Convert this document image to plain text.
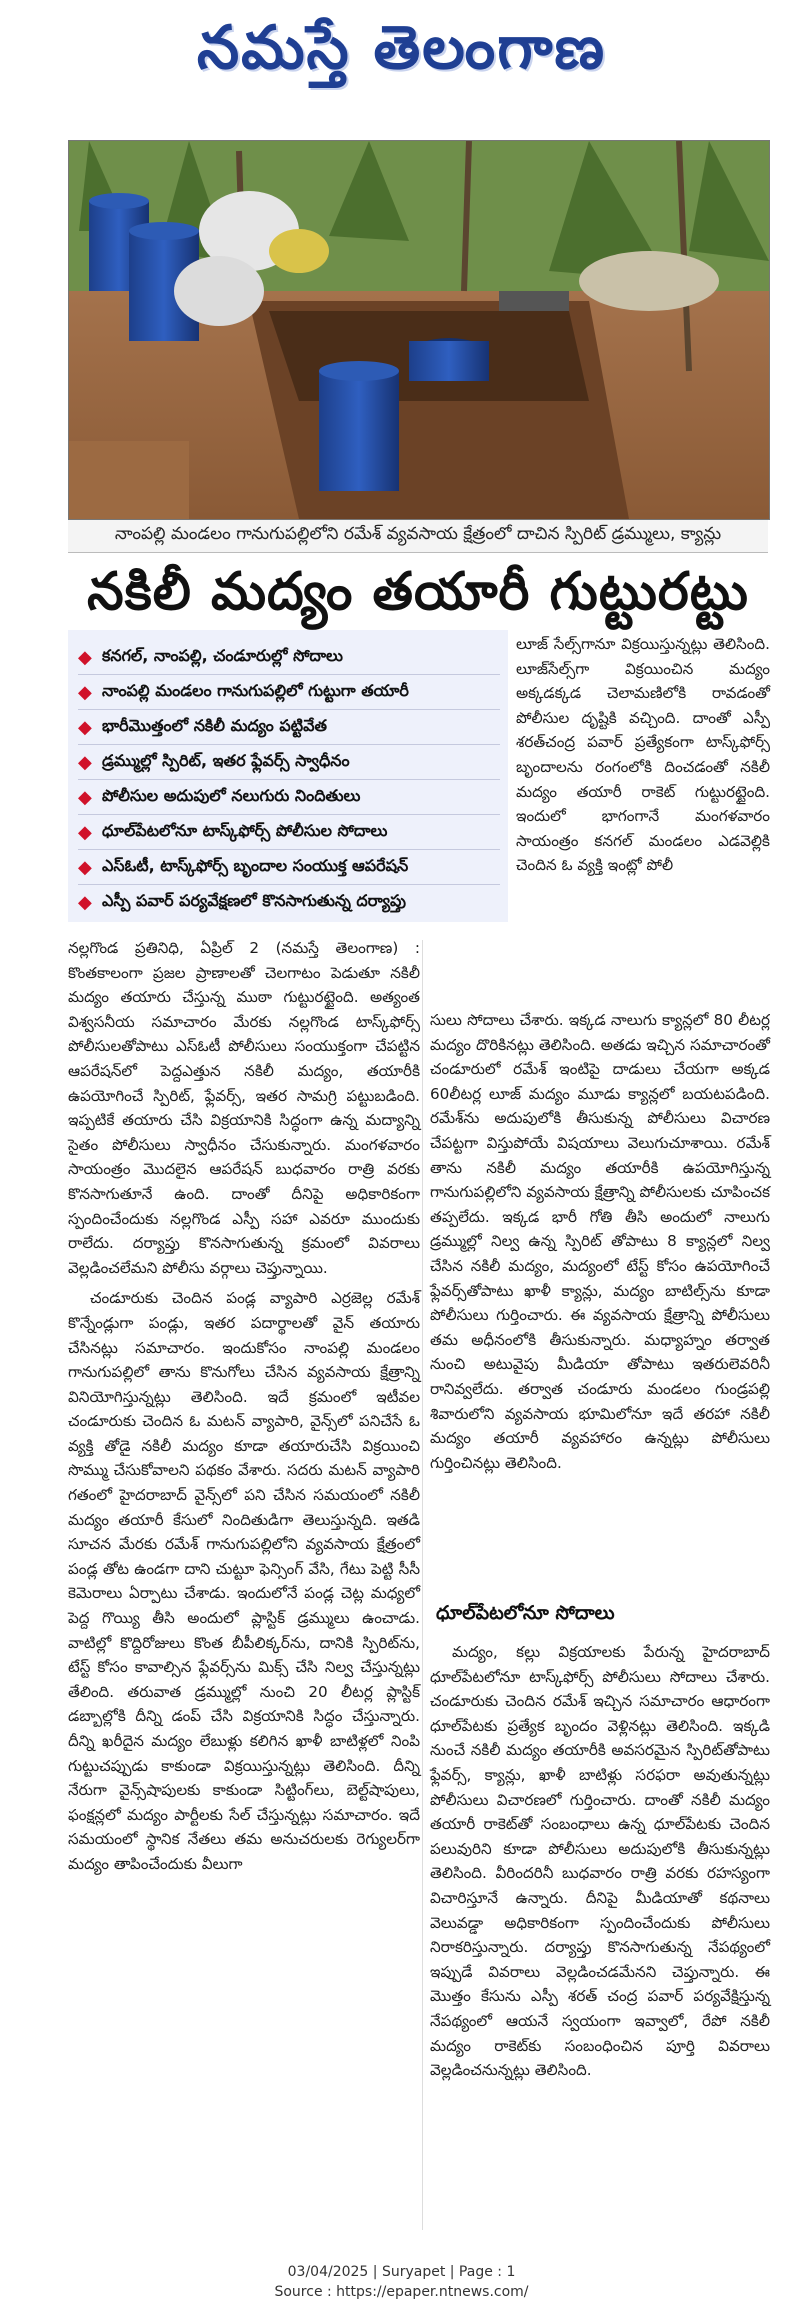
నమస్తే తెలంగాణ
నాంపల్లి మండలం గానుగుపల్లిలోని రమేశ్ వ్యవసాయ క్షేత్రంలో దాచిన స్పిరిట్ డ్రమ్ములు, క్యాన్లు
నకిలీ మద్యం తయారీ గుట్టురట్టు
◆ కనగల్, నాంపల్లి, చండూరుల్లో సోదాలు
◆ నాంపల్లి మండలం గానుగుపల్లిలో గుట్టుగా తయారీ
◆ భారీమొత్తంలో నకిలీ మద్యం పట్టివేత
◆ డ్రమ్ముల్లో స్పిరిట్, ఇతర ఫ్లేవర్స్ స్వాధీనం
◆ పోలీసుల అదుపులో నలుగురు నిందితులు
◆ ధూల్‌పేటలోనూ టాస్క్‌ఫోర్స్ పోలీసుల సోదాలు
◆ ఎస్‌ఓటీ, టాస్క్‌ఫోర్స్ బృందాల సంయుక్త ఆపరేషన్
◆ ఎస్పీ పవార్ పర్యవేక్షణలో కొనసాగుతున్న దర్యాప్తు

లూజ్ సేల్స్‌గానూ విక్రయిస్తున్నట్లు తెలిసింది. లూజ్‌సేల్స్‌గా విక్రయించిన మద్యం అక్కడక్కడ చెలామణిలోకి రావడంతో పోలీసుల దృష్టికి వచ్చింది. దాంతో ఎస్పీ శరత్‌చంద్ర పవార్ ప్రత్యేకంగా టాస్క్‌ఫోర్స్ బృందాలను రంగంలోకి దించడంతో నకిలీ మద్యం తయారీ రాకెట్ గుట్టురట్టైంది. ఇందులో భాగంగానే మంగళవారం సాయంత్రం కనగల్ మండలం ఎడవెల్లికి చెందిన ఓ వ్యక్తి ఇంట్లో పోలీ

నల్లగొండ ప్రతినిధి, ఏప్రిల్ 2 (నమస్తే తెలంగాణ) : కొంతకాలంగా ప్రజల ప్రాణాలతో చెలగాటం పెడుతూ నకిలీ మద్యం తయారు చేస్తున్న ముఠా గుట్టురట్టైంది. అత్యంత విశ్వసనీయ సమాచారం మేరకు నల్లగొండ టాస్క్‌ఫోర్స్ పోలీసులతోపాటు ఎస్‌ఓటీ పోలీసులు సంయుక్తంగా చేపట్టిన ఆపరేషన్‌లో పెద్దఎత్తున నకిలీ మద్యం, తయారీకి ఉపయోగించే స్పిరిట్, ఫ్లేవర్స్, ఇతర సామగ్రి పట్టుబడింది. ఇప్పటికే తయారు చేసి విక్రయానికి సిద్ధంగా ఉన్న మద్యాన్ని సైతం పోలీసులు స్వాధీనం చేసుకున్నారు. మంగళవారం సాయంత్రం మొదలైన ఆపరేషన్ బుధవారం రాత్రి వరకు కొనసాగుతూనే ఉంది. దాంతో దీనిపై అధికారికంగా స్పందించేందుకు నల్లగొండ ఎస్పీ సహా ఎవరూ ముందుకు రాలేదు. దర్యాప్తు కొనసాగుతున్న క్రమంలో వివరాలు వెల్లడించలేమని పోలీసు వర్గాలు చెప్తున్నాయి.

చండూరుకు చెందిన పండ్ల వ్యాపారి ఎర్రజెల్ల రమేశ్ కొన్నేండ్లుగా పండ్లు, ఇతర పదార్థాలతో వైన్ తయారు చేసినట్లు సమాచారం. ఇందుకోసం నాంపల్లి మండలం గానుగుపల్లిలో తాను కొనుగోలు చేసిన వ్యవసాయ క్షేత్రాన్ని వినియోగిస్తున్నట్లు తెలిసింది. ఇదే క్రమంలో ఇటీవల చండూరుకు చెందిన ఓ మటన్ వ్యాపారి, వైన్స్‌లో పనిచేసే ఓ వ్యక్తి తోడై నకిలీ మద్యం కూడా తయారుచేసి విక్రయించి సొమ్ము చేసుకోవాలని పథకం వేశారు. సదరు మటన్ వ్యాపారి గతంలో హైదరాబాద్ వైన్స్‌లో పని చేసిన సమయంలో నకిలీ మద్యం తయారీ కేసులో నిందితుడిగా తెలుస్తున్నది. ఇతడి సూచన మేరకు రమేశ్ గానుగుపల్లిలోని వ్యవసాయ క్షేత్రంలో పండ్ల తోట ఉండగా దాని చుట్టూ ఫెన్సింగ్ వేసి, గేటు పెట్టి సీసీ కెమెరాలు ఏర్పాటు చేశాడు. ఇందులోనే పండ్ల చెట్ల మధ్యలో పెద్ద గొయ్యి తీసి అందులో ప్లాస్టిక్ డ్రమ్ములు ఉంచాడు. వాటిల్లో కొద్దిరోజులు కొంత బీపీలిక్కర్‌ను, దానికి స్పిరిట్‌ను, టేస్ట్ కోసం కావాల్సిన ఫ్లేవర్స్‌ను మిక్స్ చేసి నిల్వ చేస్తున్నట్లు తేలింది. తరువాత డ్రమ్ముల్లో నుంచి 20 లీటర్ల ప్లాస్టిక్ డబ్బాల్లోకి దీన్ని డంప్ చేసి విక్రయానికి సిద్ధం చేస్తున్నారు. దీన్ని ఖరీదైన మద్యం లేబుళ్లు కలిగిన ఖాళీ బాటిళ్లలో నింపి గుట్టుచప్పుడు కాకుండా విక్రయిస్తున్నట్లు తెలిసింది. దీన్ని నేరుగా వైన్స్‌షాపులకు కాకుండా సిట్టింగ్‌లు, బెల్ట్‌షాపులు, ఫంక్షన్లలో మద్యం పార్టీలకు సేల్ చేస్తున్నట్లు సమాచారం. ఇదే సమయంలో స్థానిక నేతలు తమ అనుచరులకు రెగ్యులర్‌గా మద్యం తాపించేందుకు వీలుగా

సులు సోదాలు చేశారు. ఇక్కడ నాలుగు క్యాన్లలో 80 లీటర్ల మద్యం దొరికినట్లు తెలిసింది. అతడు ఇచ్చిన సమాచారంతో చండూరులో రమేశ్ ఇంటిపై దాడులు చేయగా అక్కడ 60లీటర్ల లూజ్ మద్యం మూడు క్యాన్లలో బయటపడింది. రమేశ్‌ను అదుపులోకి తీసుకున్న పోలీసులు విచారణ చేపట్టగా విస్తుపోయే విషయాలు వెలుగుచూశాయి. రమేశ్ తాను నకిలీ మద్యం తయారీకి ఉపయోగిస్తున్న గానుగుపల్లిలోని వ్యవసాయ క్షేత్రాన్ని పోలీసులకు చూపించక తప్పలేదు. ఇక్కడ భారీ గోతి తీసి అందులో నాలుగు డ్రమ్ముల్లో నిల్వ ఉన్న స్పిరిట్ తోపాటు 8 క్యాన్లలో నిల్వ చేసిన నకిలీ మద్యం, మద్యంలో టేస్ట్ కోసం ఉపయోగించే ఫ్లేవర్స్‌తోపాటు ఖాళీ క్యాన్లు, మద్యం బాటిల్స్‌ను కూడా పోలీసులు గుర్తించారు. ఈ వ్యవసాయ క్షేత్రాన్ని పోలీసులు తమ అధీనంలోకి తీసుకున్నారు. మధ్యాహ్నం తర్వాత నుంచి అటువైపు మీడియా తోపాటు ఇతరులెవరినీ రానివ్వలేదు. తర్వాత చండూరు మండలం గుండ్రపల్లి శివారులోని వ్యవసాయ భూమిలోనూ ఇదే తరహా నకిలీ మద్యం తయారీ వ్యవహారం ఉన్నట్లు పోలీసులు గుర్తించినట్లు తెలిసింది.

ధూల్‌పేటలోనూ సోదాలు

మద్యం, కల్లు విక్రయాలకు పేరున్న హైదరాబాద్ ధూల్‌పేటలోనూ టాస్క్‌ఫోర్స్ పోలీసులు సోదాలు చేశారు. చండూరుకు చెందిన రమేశ్ ఇచ్చిన సమాచారం ఆధారంగా ధూల్‌పేటకు ప్రత్యేక బృందం వెళ్లినట్లు తెలిసింది. ఇక్కడి నుంచే నకిలీ మద్యం తయారీకి అవసరమైన స్పిరిట్‌తోపాటు ఫ్లేవర్స్, క్యాన్లు, ఖాళీ బాటిళ్లు సరఫరా అవుతున్నట్లు పోలీసులు విచారణలో గుర్తించారు. దాంతో నకిలీ మద్యం తయారీ రాకెట్‌తో సంబంధాలు ఉన్న ధూల్‌పేటకు చెందిన పలువురిని కూడా పోలీసులు అదుపులోకి తీసుకున్నట్లు తెలిసింది. వీరిందరినీ బుధవారం రాత్రి వరకు రహస్యంగా విచారిస్తూనే ఉన్నారు. దీనిపై మీడియాతో కథనాలు వెలువడ్డా అధికారికంగా స్పందించేందుకు పోలీసులు నిరాకరిస్తున్నారు. దర్యాప్తు కొనసాగుతున్న నేపథ్యంలో ఇప్పుడే వివరాలు వెల్లడించడమేనని చెప్తున్నారు. ఈ మొత్తం కేసును ఎస్పీ శరత్ చంద్ర పవార్ పర్యవేక్షిస్తున్న నేపథ్యంలో ఆయనే స్వయంగా ఇవ్వాలో, రేపో నకిలీ మద్యం రాకెట్‌కు సంబంధించిన పూర్తి వివరాలు వెల్లడించనున్నట్లు తెలిసింది.

03/04/2025 | Suryapet | Page : 1
Source : https://epaper.ntnews.com/
